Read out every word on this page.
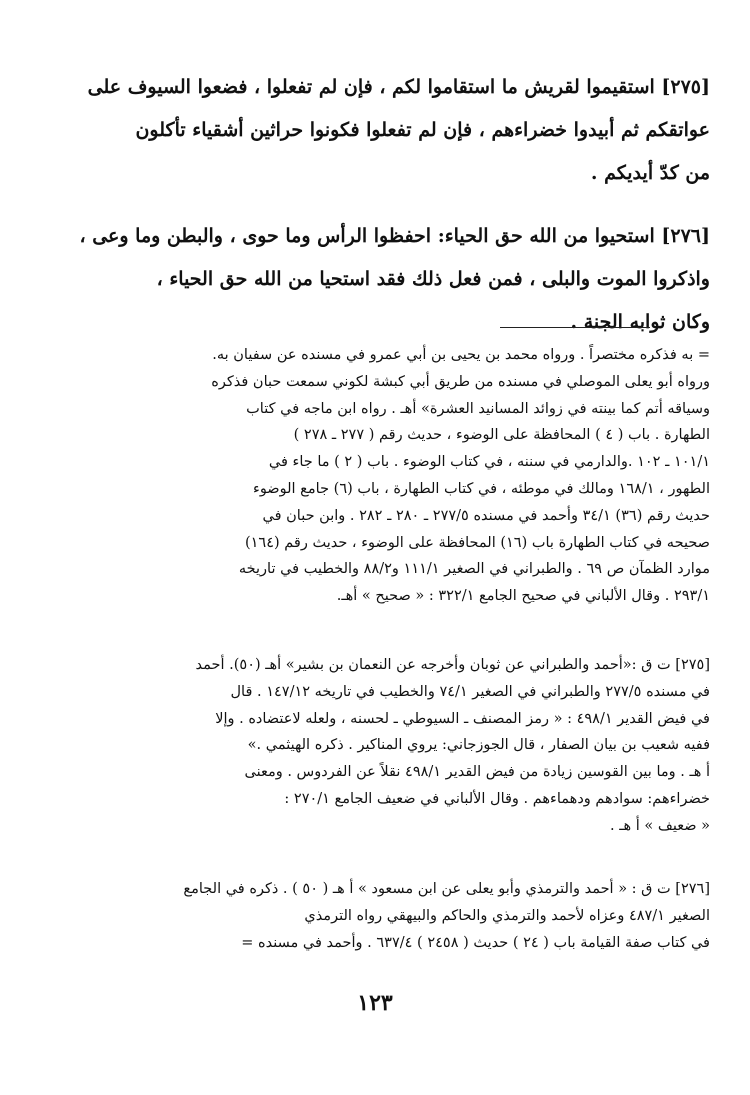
[٢٧٥] استقيموا لقريش ما استقاموا لكم ، فإن لم تفعلوا ، فضعوا السيوف على
عواتقكم ثم أبيدوا خضراءهم ، فإن لم تفعلوا فكونوا حراثين أشقياء تأكلون
من كدّ أيديكم .
[٢٧٦] استحيوا من الله حق الحياء: احفظوا الرأس وما حوى ، والبطن وما وعى ،
واذكروا الموت والبلى ، فمن فعل ذلك فقد استحيا من الله حق الحياء ،
وكان ثوابه الجنة .
= به فذكره مختصراً . ورواه محمد بن يحيى بن أبي عمرو في مسنده عن سفيان به.
ورواه أبو يعلى الموصلي في مسنده من طريق أبي كبشة لكوني سمعت حبان فذكره
وسياقه أتم كما بينته في زوائد المسانيد العشرة» أهـ . رواه ابن ماجه في كتاب
الطهارة . باب ( ٤ ) المحافظة على الوضوء ، حديث رقم ( ٢٧٧ ـ ٢٧٨ )
١٠١/١ ـ ١٠٢ .والدارمي في سننه ، في كتاب الوضوء . باب ( ٢ ) ما جاء في
الطهور ، ١٦٨/١ ومالك في موطئه ، في كتاب الطهارة ، باب (٦) جامع الوضوء
حديث رقم (٣٦) ٣٤/١ وأحمد في مسنده ٢٧٧/٥ ـ ٢٨٠ ـ ٢٨٢ . وابن حبان في
صحيحه في كتاب الطهارة باب (١٦) المحافظة على الوضوء ، حديث رقم (١٦٤)
موارد الظمآن ص ٦٩ . والطبراني في الصغير ١١١/١ و٨٨/٢ والخطيب في تاريخه
٢٩٣/١ . وقال الألباني في صحيح الجامع ٣٢٢/١ : « صحيح » أهـ.
[٢٧٥] ت ق :«أحمد والطبراني عن ثوبان وأخرجه عن النعمان بن بشير» أهـ (٥٠). أحمد
في مسنده ٢٧٧/٥ والطبراني في الصغير ٧٤/١ والخطيب في تاريخه ١٤٧/١٢ . قال
في فيض القدير ٤٩٨/١ : « رمز المصنف ـ السيوطي ـ لحسنه ، ولعله لاعتضاده . وإلا
ففيه شعيب بن بيان الصفار ، قال الجوزجاني: يروي المناكير . ذكره الهيثمي .»
أ هـ . وما بين القوسين زيادة من فيض القدير ٤٩٨/١ نقلاً عن الفردوس . ومعنى
خضراءهم: سوادهم ودهماءهم . وقال الألباني في ضعيف الجامع ٢٧٠/١ :
« ضعيف » أ هـ .
[٢٧٦] ت ق : « أحمد والترمذي وأبو يعلى عن ابن مسعود » أ هـ ( ٥٠ ) . ذكره في الجامع
الصغير ٤٨٧/١ وعزاه لأحمد والترمذي والحاكم والبيهقي رواه الترمذي
في كتاب صفة القيامة باب ( ٢٤ ) حديث ( ٢٤٥٨ ) ٦٣٧/٤ . وأحمد في مسنده =
١٢٣
